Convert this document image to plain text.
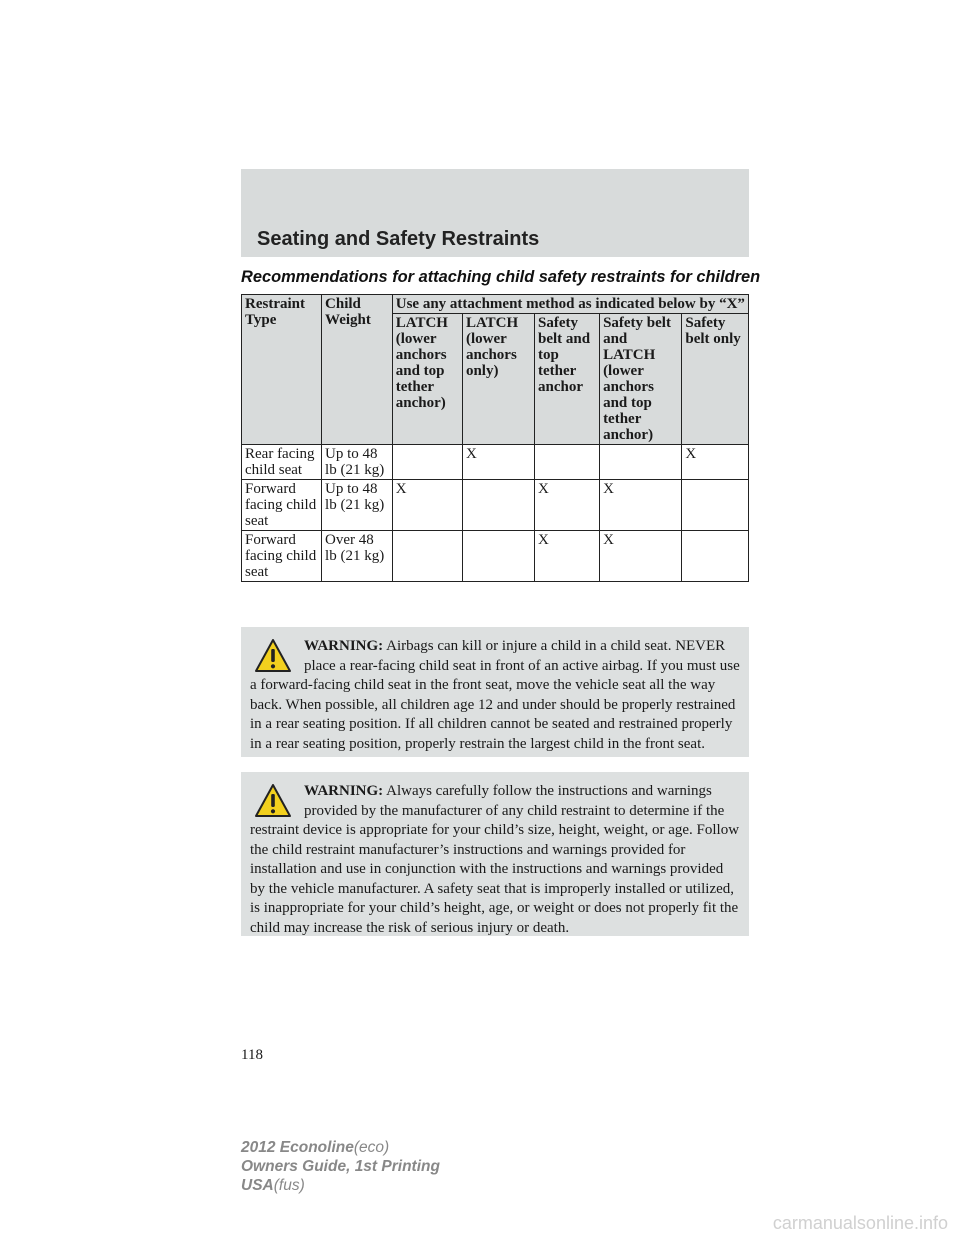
Seating and Safety Restraints
Recommendations for attaching child safety restraints for children
Restraint Type	Child Weight	Use any attachment method as indicated below by “X”				
		LATCH (lower anchors and top tether anchor)	LATCH (lower anchors only)	Safety belt and top tether anchor	Safety belt and LATCH (lower anchors and top tether anchor)	Safety belt only
Rear facing child seat	Up to 48 lb (21 kg)		X			X
Forward facing child seat	Up to 48 lb (21 kg)	X		X	X	
Forward facing child seat	Over 48 lb (21 kg)			X	X	
WARNING: Airbags can kill or injure a child in a child seat. NEVER place a rear-facing child seat in front of an active airbag. If you must use a forward-facing child seat in the front seat, move the vehicle seat all the way back. When possible, all children age 12 and under should be properly restrained in a rear seating position. If all children cannot be seated and restrained properly in a rear seating position, properly restrain the largest child in the front seat.
WARNING: Always carefully follow the instructions and warnings provided by the manufacturer of any child restraint to determine if the restraint device is appropriate for your child’s size, height, weight, or age. Follow the child restraint manufacturer’s instructions and warnings provided for installation and use in conjunction with the instructions and warnings provided by the vehicle manufacturer. A safety seat that is improperly installed or utilized, is inappropriate for your child’s height, age, or weight or does not properly fit the child may increase the risk of serious injury or death.
118
2012 Econoline(eco)
Owners Guide, 1st Printing
USA(fus)
carmanualsonline.info
